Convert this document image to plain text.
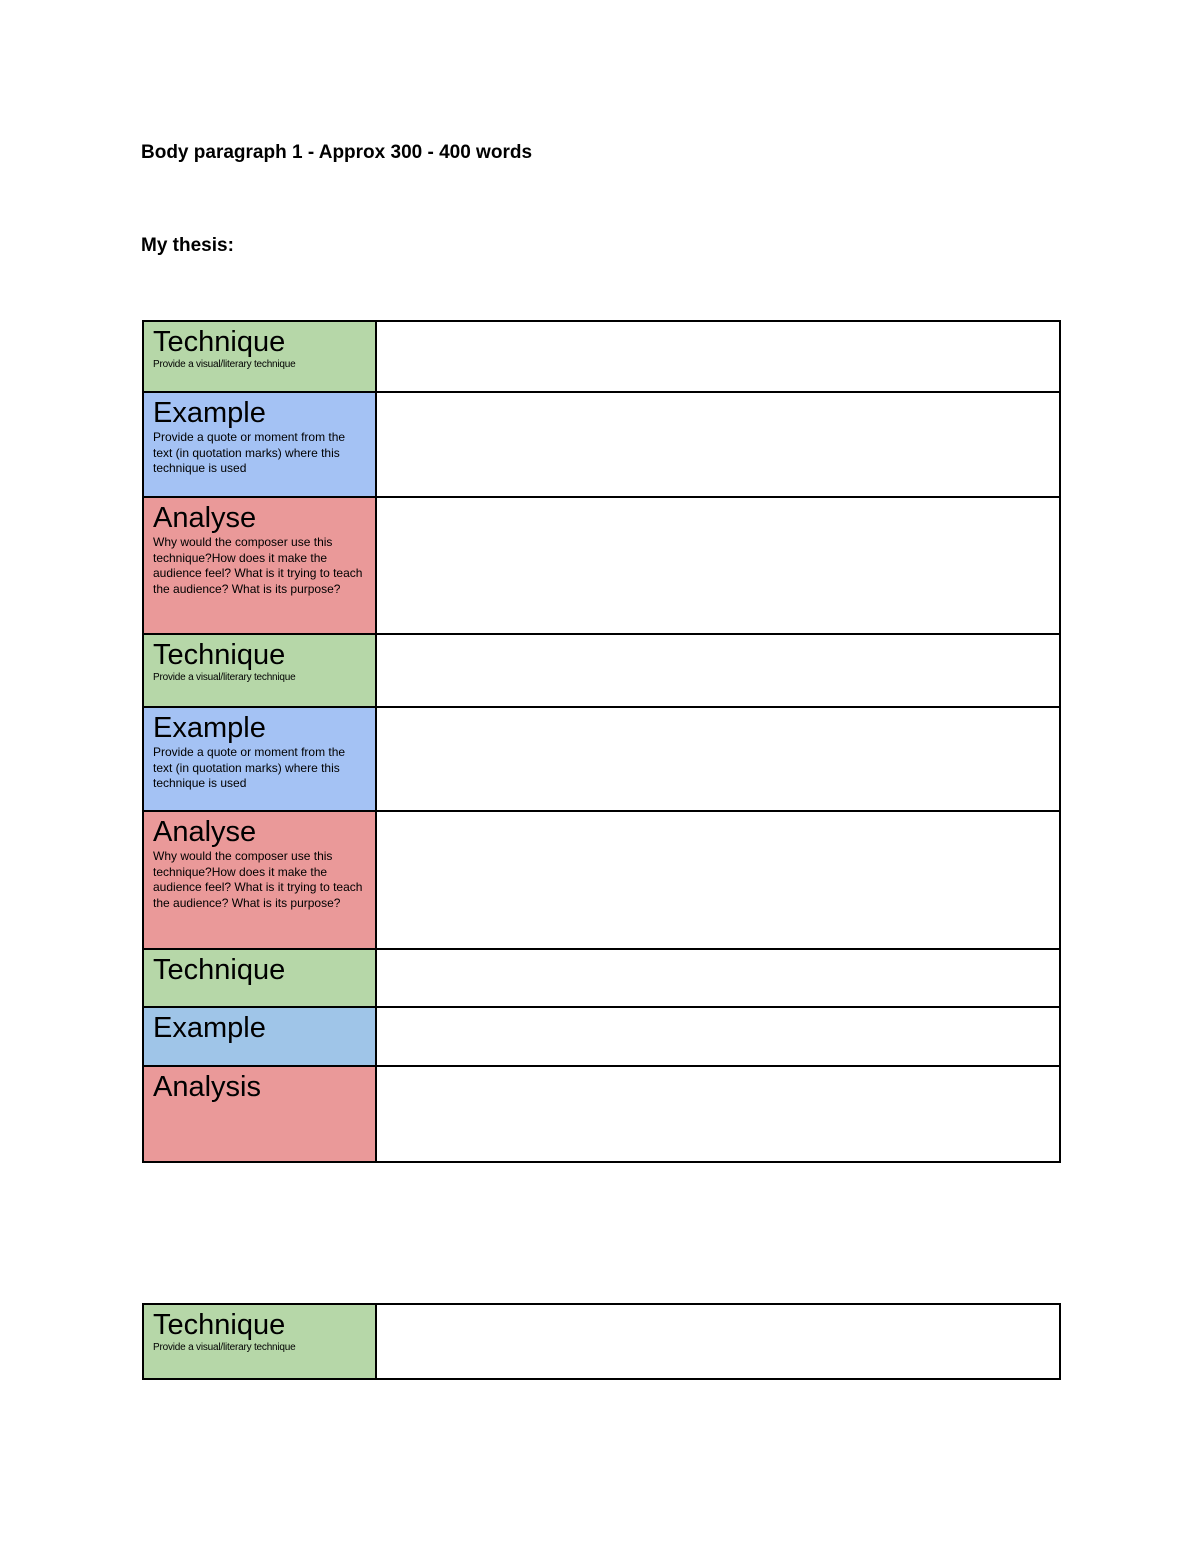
Body paragraph 1 - Approx 300 - 400 words
My thesis:
Technique
Provide a visual/literary technique	

Example
Provide a quote or moment from the text (in quotation marks) where this technique is used	

Analyse
Why would the composer use this technique?How does it make the audience feel? What is it trying to teach the audience? What is its purpose?	

Technique
Provide a visual/literary technique	

Example
Provide a quote or moment from the text (in quotation marks) where this technique is used	

Analyse
Why would the composer use this technique?How does it make the audience feel? What is it trying to teach the audience? What is its purpose?	

Technique	

Example	

Analysis	

Technique
Provide a visual/literary technique
